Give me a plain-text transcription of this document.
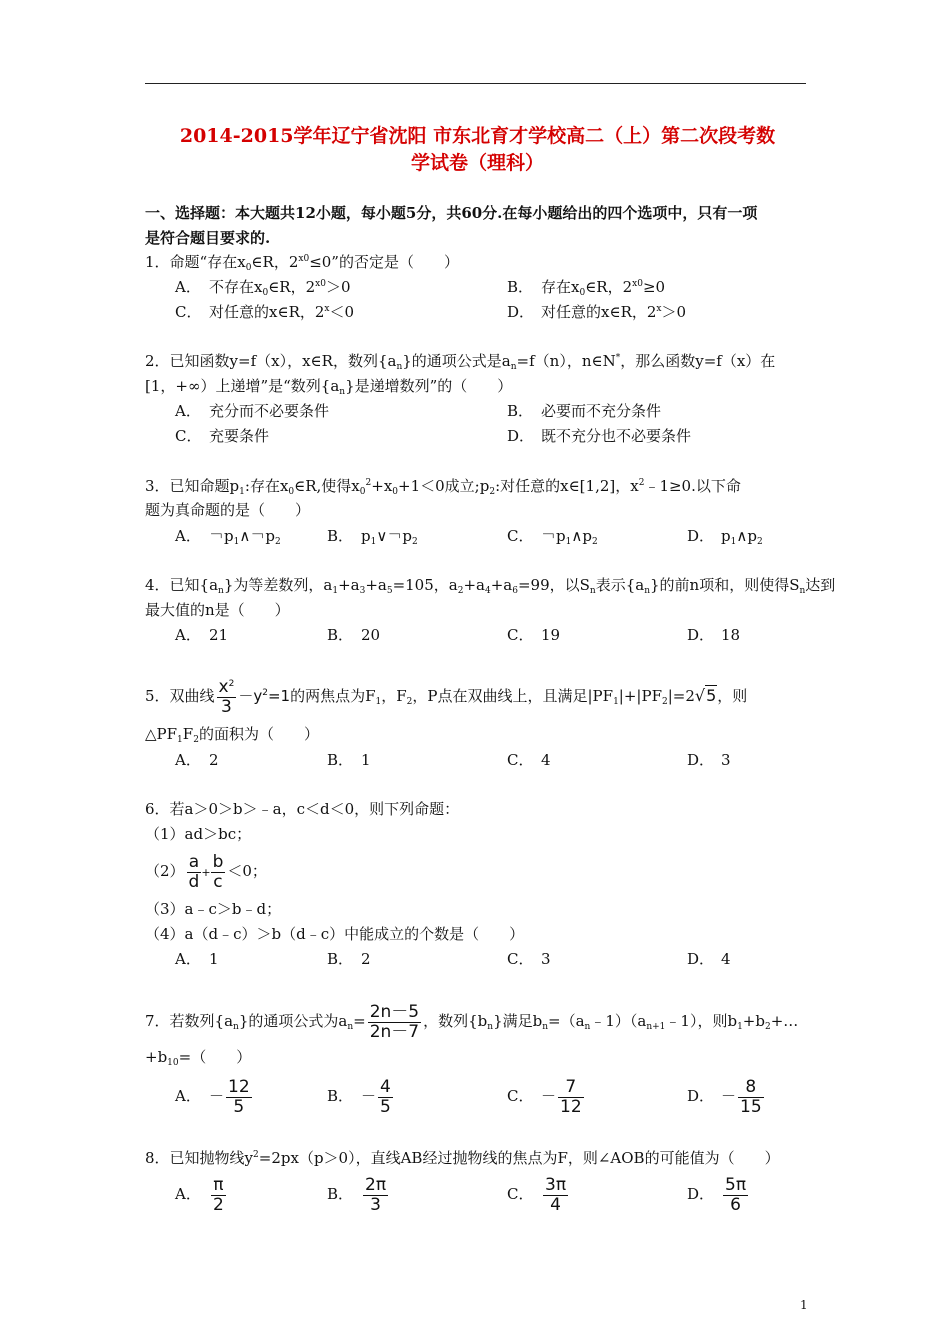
2014-2015学年辽宁省沈阳 市东北育才学校高二（上）第二次段考数
学试卷（理科）
一、选择题：本大题共12小题，每小题5分，共60分.在每小题给出的四个选项中，只有一项
是符合题目要求的.
1．命题“存在$x_0\in R$，$2^{x0}\le 0$”的否定是（　　）
A． 不存在$x_0\in R$，$2^{x0}>0$	B． 存在$x_0\in R$，$2^{x0}\ge 0$
C． 对任意的x∈R，$2^x<0$	D． 对任意的x∈R，$2^x>0$
2．已知函数y=f（x），x∈R，数列$\{a_n\}$的通项公式是$a_n=f(n)$，n∈N*，那么函数y=f（x）在
[1，+∞）上递增”是“数列$\{a_n\}$是递增数列”的（　　）
A． 充分而不必要条件	B． 必要而不充分条件
C． 充要条件	D． 既不充分也不必要条件
3．已知命题$p_1$:存在$x_0\in R$,使得$x_0^2+x_0+1<0$成立$;p_2$:对任意的x∈[1,2]，$x^2﹣1\ge 0$.以下命
题为真命题的是（　　）
A． ￢$p_1\wedge$￢$p_2$	B． $p_1\vee$￢$p_2$	C． ￢$p_1\wedge p_2$	D． $p_1\wedge p_2$
4．已知$\{a_n\}$为等差数列，$a_1+a_3+a_5=105$，$a_2+a_4+a_6=99$，以$S_n$表示$\{a_n\}$的前n项和，则使得$S_n$达到
最大值的n是（　　）
A． 21	B． 20	C． 19	D． 18
5．双曲线 $\frac{x^2}{3} -y^2=1$的两焦点为$F_1$，$F_2$，P点在双曲线上，且满足$|PF_1|+|PF_2|=2√5$，则
$\triangle PF_1F_2$的面积为（　　）
A． 2	B． 1	C． 4	D． 3
6．若a＞0＞b＞﹣a，c＜d＜0，则下列命题：
（1）ad＞bc；
$(2) \frac{a}{d} + \frac{b}{c} <0$；
（3）a﹣c＞b﹣d；
（4）a（d﹣c）＞b（d﹣c）中能成立的个数是（　　）
A． 1	B． 2	C． 3	D． 4
7．若数列$\{a_n\}$的通项公式为$a_n= \frac{2n-5}{2n-7}$ ，数列$\{b_n\}$满足$b_n=(a_n﹣1)(a_{n+1}﹣1)$，则$b_1+b_2+\dots$
$+b_{10}=$（　　）
A． － $\frac{12}{5}$	B． － $\frac{4}{5}$	C． － $\frac{7}{12}$	D． － $\frac{8}{15}$
8．已知抛物线$y^2=2px(p>0)$，直线AB经过抛物线的焦点为F，则∠AOB的可能值为（　　）
A． $\frac{\pi}{2}$	B． $\frac{2\pi}{3}$	C． $\frac{3\pi}{4}$	D． $\frac{5\pi}{6}$
1
